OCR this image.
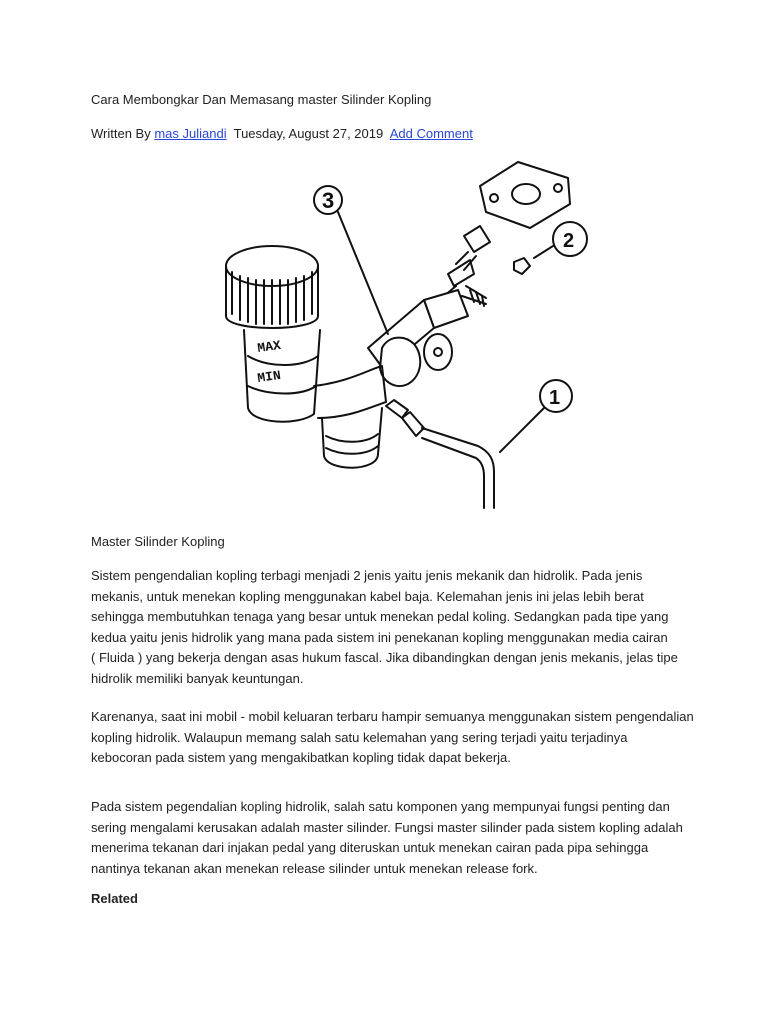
Cara Membongkar Dan Memasang master Silinder Kopling
Written By mas Juliandi Tuesday, August 27, 2019 Add Comment
3
2
1
MAX
MIN
Master Silinder Kopling

Sistem pengendalian kopling terbagi menjadi 2 jenis yaitu jenis mekanik dan hidrolik. Pada jenis
mekanis, untuk menekan kopling menggunakan kabel baja. Kelemahan jenis ini jelas lebih berat
sehingga membutuhkan tenaga yang besar untuk menekan pedal koling. Sedangkan pada tipe yang
kedua yaitu jenis hidrolik yang mana pada sistem ini penekanan kopling menggunakan media cairan
( Fluida ) yang bekerja dengan asas hukum fascal. Jika dibandingkan dengan jenis mekanis, jelas tipe
hidrolik memiliki banyak keuntungan.

Karenanya, saat ini mobil - mobil keluaran terbaru hampir semuanya menggunakan sistem pengendalian
kopling hidrolik. Walaupun memang salah satu kelemahan yang sering terjadi yaitu terjadinya
kebocoran pada sistem yang mengakibatkan kopling tidak dapat bekerja.

Pada sistem pegendalian kopling hidrolik, salah satu komponen yang mempunyai fungsi penting dan
sering mengalami kerusakan adalah master silinder. Fungsi master silinder pada sistem kopling adalah
menerima tekanan dari injakan pedal yang diteruskan untuk menekan cairan pada pipa sehingga
nantinya tekanan akan menekan release silinder untuk menekan release fork.

Related
